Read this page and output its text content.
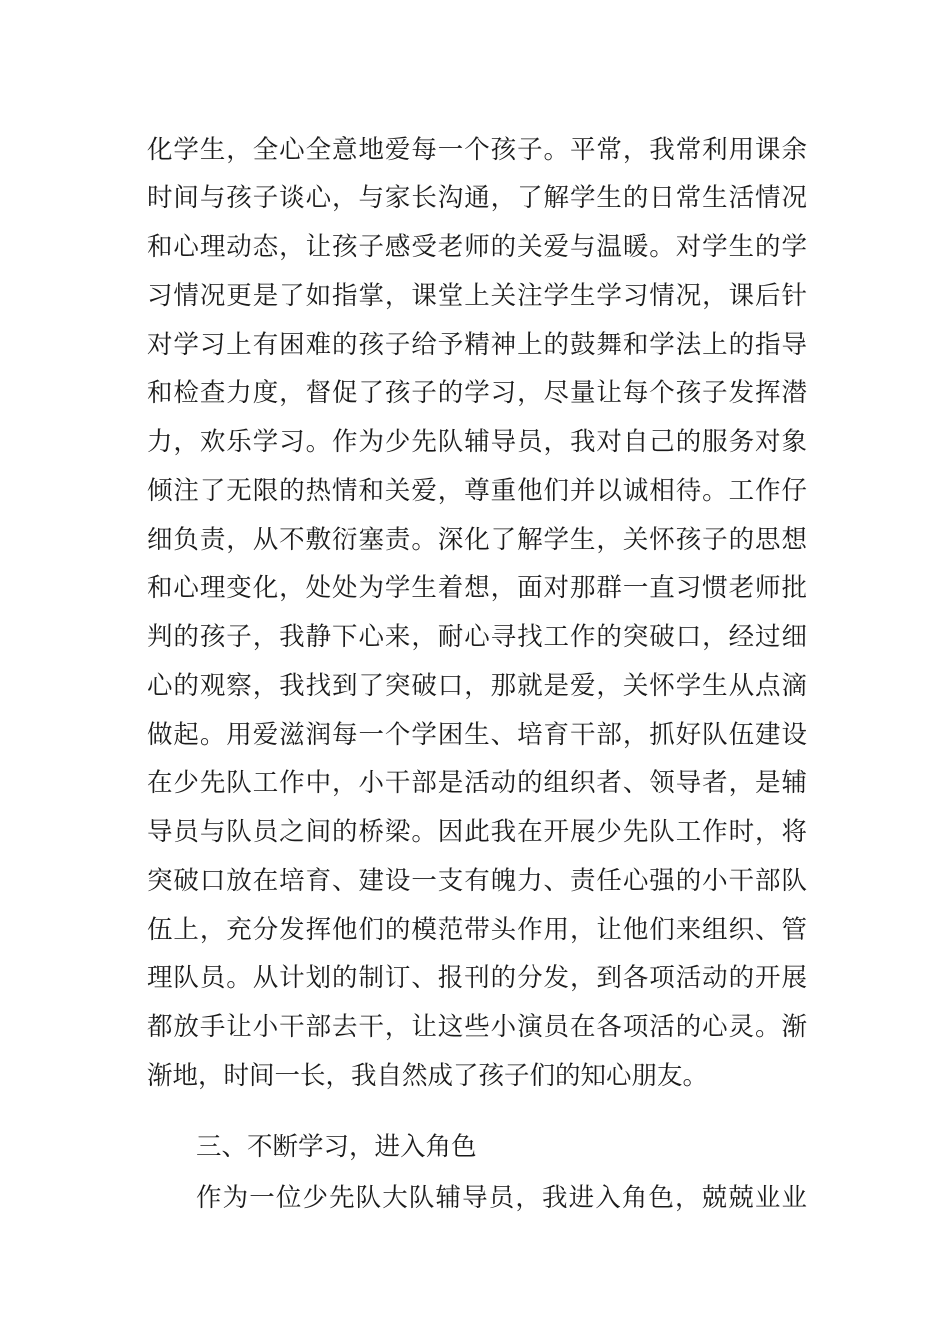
化学生，全心全意地爱每一个孩子。平常，我常利用课余
时间与孩子谈心，与家长沟通，了解学生的日常生活情况
和心理动态，让孩子感受老师的关爱与温暖。对学生的学
习情况更是了如指掌，课堂上关注学生学习情况，课后针
对学习上有困难的孩子给予精神上的鼓舞和学法上的指导
和检查力度，督促了孩子的学习，尽量让每个孩子发挥潜
力，欢乐学习。作为少先队辅导员，我对自己的服务对象
倾注了无限的热情和关爱，尊重他们并以诚相待。工作仔
细负责，从不敷衍塞责。深化了解学生，关怀孩子的思想
和心理变化，处处为学生着想，面对那群一直习惯老师批
判的孩子，我静下心来，耐心寻找工作的突破口，经过细
心的观察，我找到了突破口，那就是爱，关怀学生从点滴
做起。用爱滋润每一个学困生、培育干部，抓好队伍建设
在少先队工作中，小干部是活动的组织者、领导者，是辅
导员与队员之间的桥梁。因此我在开展少先队工作时，将
突破口放在培育、建设一支有魄力、责任心强的小干部队
伍上，充分发挥他们的模范带头作用，让他们来组织、管
理队员。从计划的制订、报刊的分发，到各项活动的开展
都放手让小干部去干，让这些小演员在各项活的心灵。渐
渐地，时间一长，我自然成了孩子们的知心朋友。
三、不断学习，进入角色
作为一位少先队大队辅导员，我进入角色，兢兢业业
